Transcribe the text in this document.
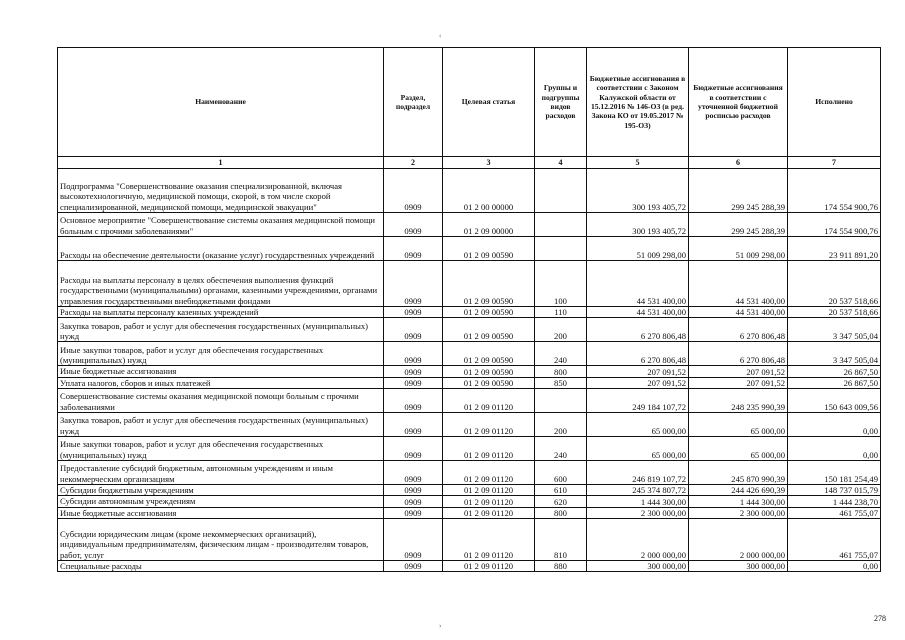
‹
Наименование	Раздел, подраздел	Целевая статья	Группы и подгруппы видов расходов	Бюджетные ассигнования в соответствии с Законом Калужской области от 15.12.2016 № 146-ОЗ (в ред. Закона КО от 19.05.2017 № 195-ОЗ)	Бюджетные ассигнования в соответствии с уточненной бюджетной росписью расходов	Исполнено
1	2	3	4	5	6	7
Подпрограмма "Совершенствование оказания специализированной, включая высокотехнологичную, медицинской помощи, скорой, в том числе скорой специализированной, медицинской помощи, медицинской эвакуации"	0909	01 2 00 00000		300 193 405,72	299 245 288,39	174 554 900,76
Основное мероприятие "Совершенствование системы оказания медицинской помощи больным с прочими заболеваниями"	0909	01 2 09 00000		300 193 405,72	299 245 288,39	174 554 900,76
Расходы на обеспечение деятельности (оказание услуг) государственных учреждений	0909	01 2 09 00590		51 009 298,00	51 009 298,00	23 911 891,20
Расходы на выплаты персоналу в целях обеспечения выполнения функций государственными (муниципальными) органами, казенными учреждениями, органами управления государственными внебюджетными фондами	0909	01 2 09 00590	100	44 531 400,00	44 531 400,00	20 537 518,66
Расходы на выплаты персоналу казенных учреждений	0909	01 2 09 00590	110	44 531 400,00	44 531 400,00	20 537 518,66
Закупка товаров, работ и услуг для обеспечения государственных (муниципальных) нужд	0909	01 2 09 00590	200	6 270 806,48	6 270 806,48	3 347 505,04
Иные закупки товаров, работ и услуг для обеспечения государственных (муниципальных) нужд	0909	01 2 09 00590	240	6 270 806,48	6 270 806,48	3 347 505,04
Иные бюджетные ассигнования	0909	01 2 09 00590	800	207 091,52	207 091,52	26 867,50
Уплата налогов, сборов и иных платежей	0909	01 2 09 00590	850	207 091,52	207 091,52	26 867,50
Совершенствование системы оказания медицинской помощи больным с прочими заболеваниями	0909	01 2 09 01120		249 184 107,72	248 235 990,39	150 643 009,56
Закупка товаров, работ и услуг для обеспечения государственных (муниципальных) нужд	0909	01 2 09 01120	200	65 000,00	65 000,00	0,00
Иные закупки товаров, работ и услуг для обеспечения государственных (муниципальных) нужд	0909	01 2 09 01120	240	65 000,00	65 000,00	0,00
Предоставление субсидий бюджетным, автономным учреждениям и иным некоммерческим организациям	0909	01 2 09 01120	600	246 819 107,72	245 870 990,39	150 181 254,49
Субсидии бюджетным учреждениям	0909	01 2 09 01120	610	245 374 807,72	244 426 690,39	148 737 015,79
Субсидии автономным учреждениям	0909	01 2 09 01120	620	1 444 300,00	1 444 300,00	1 444 238,70
Иные бюджетные ассигнования	0909	01 2 09 01120	800	2 300 000,00	2 300 000,00	461 755,07
Субсидии юридическим лицам (кроме некоммерческих организаций), индивидуальным предпринимателям, физическим лицам - производителям товаров, работ, услуг	0909	01 2 09 01120	810	2 000 000,00	2 000 000,00	461 755,07
Специальные расходы	0909	01 2 09 01120	880	300 000,00	300 000,00	0,00
278
›
